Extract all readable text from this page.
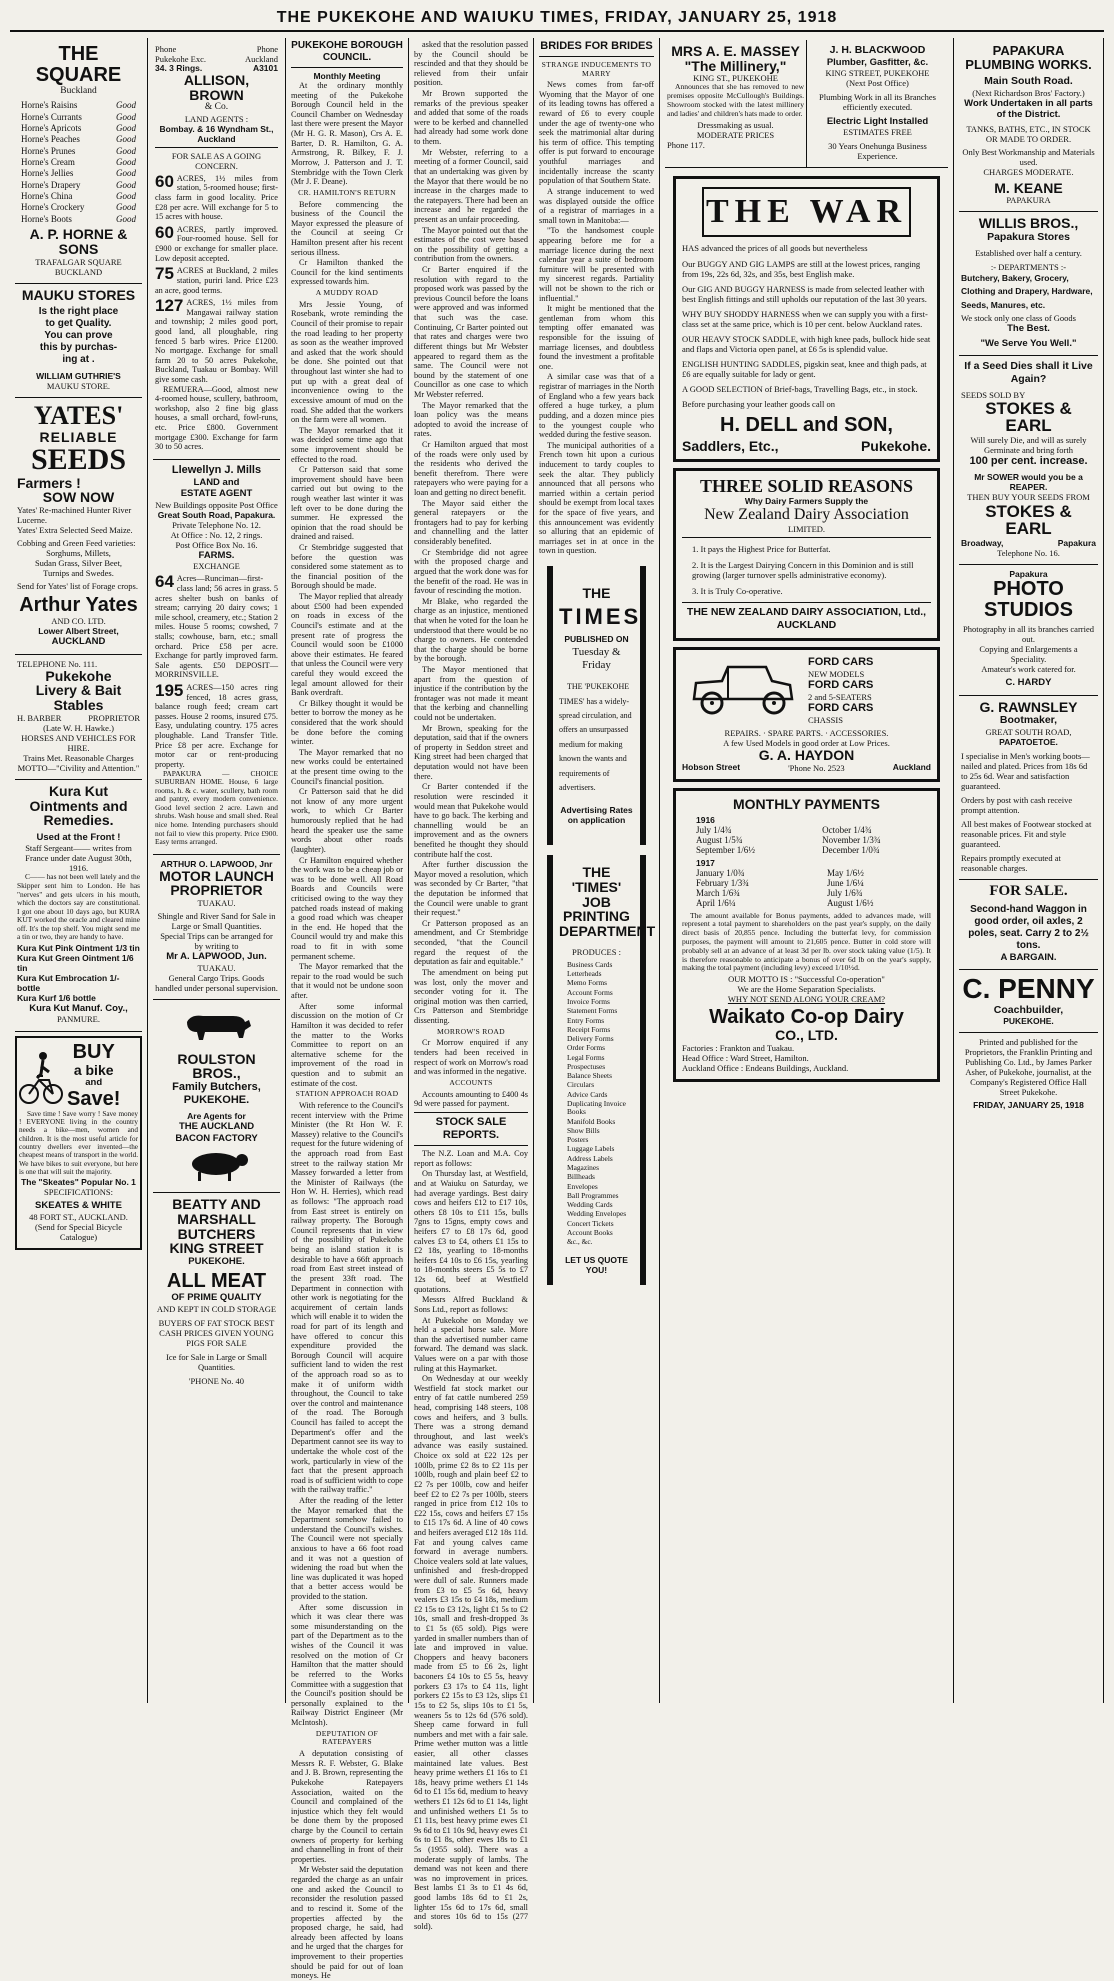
THE PUKEKOHE AND WAIUKU TIMES, FRIDAY, JANUARY 25, 1918
THE SQUARE
Buckland
Horne's Raisins	Good
Horne's Currants	Good
Horne's Apricots	Good
Horne's Peaches	Good
Horne's Prunes	Good
Horne's Cream	Good
Horne's Jellies	Good
Horne's Drapery	Good
Horne's China	Good
Horne's Crockery	Good
Horne's Boots	Good
A. P. HORNE & SONS
TRAFALGAR SQUARE
BUCKLAND
MAUKU STORES
Is the right place
to get Quality.
You can prove
this by purchas-
ing at .
WILLIAM GUTHRIE'S
MAUKU STORE.
YATES'
RELIABLE
SEEDS
Farmers !
SOW NOW
Yates' Re-machined Hunter River Lucerne.
Yates' Extra Selected Seed Maize.
Cobbing and Green Feed varieties:
Sorghums, Millets,
Sudan Grass, Silver Beet,
Turnips and Swedes.
Send for Yates' list of Forage crops.
Arthur Yates
AND CO. LTD.
Lower Albert Street,
AUCKLAND
TELEPHONE No. 111.
Pukekohe
Livery & Bait Stables
H. BARBER	PROPRIETOR
(Late W. H. Hawke.)
HORSES AND VEHICLES FOR HIRE.
Trains Met. Reasonable Charges
MOTTO—"Civility and Attention."
Kura Kut Ointments and Remedies.
Used at the Front !
Staff Sergeant—— writes from France under date August 30th, 1916.

C—— has not been well lately and the Skipper sent him to London. He has "nerves" and gets ulcers in his mouth, which the doctors say are constitutional. I got one about 10 days ago, but KURA KUT worked the oracle and cleared mine off. It's the top shelf. You might send me a tin or two, they are handy to have.

Kura Kut Pink Ointment 1/3 tin
Kura Kut Green Ointment 1/6 tin
Kura Kut Embrocation 1/- bottle
Kura Kurf 1/6 bottle
Kura Kut Manuf. Coy.,
PANMURE.
BUY
a bike
and
Save!

Save time ! Save worry ! Save money ! EVERYONE living in the country needs a bike—men, women and children. It is the most useful article for country dwellers ever invented—the cheapest means of transport in the world. We have bikes to suit everyone, but here is one that will suit the majority.

The "Skeates" Popular No. 1
SPECIFICATIONS:
SKEATES & WHITE
48 FORT ST., AUCKLAND.
(Send for Special Bicycle Catalogue)
Phone
Pukekohe Exc.
34. 3 Rings.
Phone
Auckland
A3101
ALLISON, BROWN
& Co.
LAND AGENTS :
Bombay. & 16 Wyndham St., Auckland
FOR SALE AS A GOING CONCERN.
60 ACRES, 1½ miles from station, 5-roomed house; first-class farm in good locality. Price £28 per acre. Will exchange for 5 to 15 acres with house.
60 ACRES, partly improved. Four-roomed house. Sell for £900 or exchange for smaller place. Low deposit accepted.
75 ACRES at Buckland, 2 miles station, puriri land. Price £23 an acre, good terms.
127 ACRES, 1½ miles from Mangawai railway station and township; 2 miles good port, good land, all ploughable, ring fenced 5 barb wires. Price £1200. No mortgage. Exchange for small farm 20 to 50 acres Pukekohe, Buckland, Tuakau or Bombay. Will give some cash.

REMUERA—Good, almost new 4-roomed house, scullery, bathroom, workshop, also 2 fine big glass houses, a small orchard, fowl-runs, etc. Price £800. Government mortgage £300. Exchange for farm 30 to 50 acres.

Llewellyn J. Mills
LAND and
ESTATE AGENT
New Buildings opposite Post Office
Great South Road, Papakura.
Private Telephone No. 12.
At Office : No. 12, 2 rings.
Post Office Box No. 16.
FARMS.
EXCHANGE
64 Acres—Runciman—first-class land; 56 acres in grass. 5 acres shelter bush on banks of stream; carrying 20 dairy cows; 1 mile school, creamery, etc.; Station 2 miles. House 5 rooms; cowshed, 7 stalls; cowhouse, barn, etc.; small orchard. Price £58 per acre. Exchange for partly improved farm. Sale agents. £50 DEPOSIT—MORRINSVILLE.
195 ACRES—150 acres ring fenced, 18 acres grass, balance rough feed; cream cart passes. House 2 rooms, insured £75. Easy, undulating country. 175 acres ploughable. Land Transfer Title. Price £8 per acre. Exchange for motor car or rent-producing property.

PAPAKURA — CHOICE SUBURBAN HOME. House, 6 large rooms, h. & c. water, scullery, bath room and pantry, every modern convenience. Good level section 2 acre. Lawn and shrubs. Wash house and small shed. Real nice home. Intending purchasers should not fail to view this property. Price £900. Easy terms arranged.

ARTHUR O. LAPWOOD, Jnr
MOTOR LAUNCH
PROPRIETOR
TUAKAU.
Shingle and River Sand for Sale in Large or Small Quantities.
Special Trips can be arranged for by writing to
Mr A. LAPWOOD, Jun.
TUAKAU.
General Cargo Trips. Goods handled under personal supervision.
ROULSTON BROS.,
Family Butchers,
PUKEKOHE.
Are Agents for
THE AUCKLAND
BACON FACTORY
BEATTY AND MARSHALL
BUTCHERS
KING STREET
PUKEKOHE.
ALL MEAT
OF PRIME QUALITY
AND KEPT IN COLD STORAGE
BUYERS OF FAT STOCK BEST CASH PRICES GIVEN YOUNG PIGS FOR SALE
Ice for Sale in Large or Small Quantities.
'PHONE No. 40
PUKEKOHE BOROUGH COUNCIL.
Monthly Meeting

At the ordinary monthly meeting of the Pukekohe Borough Council held in the Council Chamber on Wednesday last there were present the Mayor (Mr H. G. R. Mason), Crs A. E. Barter, D. R. Hamilton, G. A. Armstrong, R. Bilkey, F. J. Morrow, J. Patterson and J. T. Stembridge with the Town Clerk (Mr J. F. Deane).

CR. HAMILTON'S RETURN

Before commencing the business of the Council the Mayor expressed the pleasure of the Council at seeing Cr Hamilton present after his recent serious illness.

Cr Hamilton thanked the Council for the kind sentiments expressed towards him.

A MUDDY ROAD

Mrs Jessie Young, of Rosebank, wrote reminding the Council of their promise to repair the road leading to her property as soon as the weather improved and asked that the work should be done. She pointed out that throughout last winter she had to put up with a great deal of inconvenience owing to the excessive amount of mud on the road. She added that the workers on the farm were all women.

The Mayor remarked that it was decided some time ago that some improvement should be effected to the road.

Cr Patterson said that some improvement should have been carried out but owing to the rough weather last winter it was left over to be done during the summer. He expressed the opinion that the road should be drained and raised.

Cr Stembridge suggested that before the question was considered some statement as to the financial position of the Borough should be made.

The Mayor replied that already about £500 had been expended on roads in excess of the Council's estimate and at the present rate of progress the Council would soon be £1000 above their estimates. He feared that unless the Council were very careful they would exceed the legal amount allowed for their Bank overdraft.

Cr Bilkey thought it would be better to borrow the money as he considered that the work should be done before the coming winter.

The Mayor remarked that no new works could be entertained at the present time owing to the Council's financial position.

Cr Patterson said that he did not know of any more urgent work, to which Cr Barter humorously replied that he had heard the speaker use the same words about other roads (laughter).

Cr Hamilton enquired whether the work was to be a cheap job or was to be done well. All Road Boards and Councils were criticised owing to the way they patched roads instead of making a good road which was cheaper in the end. He hoped that the Council would try and make this road to fit in with some permanent scheme.

The Mayor remarked that the repair to the road would be such that it would not be undone soon after.

After some informal discussion on the motion of Cr Hamilton it was decided to refer the matter to the Works Committee to report on an alternative scheme for the improvement of the road in question and to submit an estimate of the cost.

STATION APPROACH ROAD

With reference to the Council's recent interview with the Prime Minister (the Rt Hon W. F. Massey) relative to the Council's request for the future widening of the approach road from East street to the railway station Mr Massey forwarded a letter from the Minister of Railways (the Hon W. H. Herries), which read as follows: "The approach road from East street is entirely on railway property. The Borough Council represents that in view of the possibility of Pukekohe being an island station it is desirable to have a 66ft approach road from East street instead of the present 33ft road. The Department in connection with other work is negotiating for the acquirement of certain lands which will enable it to widen the road for part of its length and have offered to concur this expenditure provided the Borough Council will acquire sufficient land to widen the rest of the approach road so as to make it of uniform width throughout, the Council to take over the control and maintenance of the road. The Borough Council has failed to accept the Department's offer and the Department cannot see its way to undertake the whole cost of the work, particularly in view of the fact that the present approach road is of sufficient width to cope with the railway traffic."

After the reading of the letter the Mayor remarked that the Department somehow failed to understand the Council's wishes. The Council were not specially anxious to have a 66 foot road and it was not a question of widening the road but when the line was duplicated it was hoped that a better access would be provided to the station.

After some discussion in which it was clear there was some misunderstanding on the part of the Department as to the wishes of the Council it was resolved on the motion of Cr Hamilton that the matter should be referred to the Works Committee with a suggestion that the Council's position should be personally explained to the Railway District Engineer (Mr McIntosh).

DEPUTATION OF RATEPAYERS

A deputation consisting of Messrs R. F. Webster, G. Blake and J. B. Brown, representing the Pukekohe Ratepayers Association, waited on the Council and complained of the injustice which they felt would be done them by the proposed charge by the Council to certain owners of property for kerbing and channelling in front of their properties.

Mr Webster said the deputation regarded the charge as an unfair one and asked the Council to reconsider the resolution passed and to rescind it. Some of the properties affected by the proposed charge, he said, had already been affected by loans and he urged that the charges for improvement to their properties should be paid for out of loan moneys. He

asked that the resolution passed by the Council should be rescinded and that they should be relieved from their unfair position.

Mr Brown supported the remarks of the previous speaker and added that some of the roads were to be kerbed and channelled had already had some work done to them.

Mr Webster, referring to a meeting of a former Council, said that an undertaking was given by the Mayor that there would be no increase in the charges made to the ratepayers. There had been an increase and he regarded the present as an unfair proceeding.

The Mayor pointed out that the estimates of the cost were based on the possibility of getting a contribution from the owners.

Cr Barter enquired if the resolution with regard to the proposed work was passed by the previous Council before the loans were approved and was informed that such was the case. Continuing, Cr Barter pointed out that rates and charges were two different things but Mr Webster appeared to regard them as the same. The Council were not bound by the statement of one Councillor as one case to which Mr Webster referred.

The Mayor remarked that the loan policy was the means adopted to avoid the increase of rates.

Cr Hamilton argued that most of the roads were only used by the residents who derived the benefit therefrom. There were ratepayers who were paying for a loan and getting no direct benefit.

The Mayor said either the general ratepayers or the frontagers had to pay for kerbing and channelling and the latter considerably benefited.

Cr Stembridge did not agree with the proposed charge and argued that the work done was for the benefit of the road. He was in favour of rescinding the motion.

Mr Blake, who regarded the charge as an injustice, mentioned that when he voted for the loan he understood that there would be no charge to owners. He contended that the charge should be borne by the borough.

The Mayor mentioned that apart from the question of injustice if the contribution by the frontager was not made it meant that the kerbing and channelling could not be undertaken.

Mr Brown, speaking for the deputation, said that if the owners of property in Seddon street and King street had been charged that deputation would not have been there.

Cr Barter contended if the resolution were rescinded it would mean that Pukekohe would have to go back. The kerbing and channelling would be an improvement and as the owners benefited he thought they should contribute half the cost.

After further discussion the Mayor moved a resolution, which was seconded by Cr Barter, "that the deputation be informed that the Council were unable to grant their request."

Cr Patterson proposed as an amendment, and Cr Stembridge seconded, "that the Council regard the request of the deputation as fair and equitable."

The amendment on being put was lost, only the mover and seconder voting for it. The original motion was then carried, Crs Patterson and Stembridge dissenting.

MORROW'S ROAD

Cr Morrow enquired if any tenders had been received in respect of work on Morrow's road and was informed in the negative.

ACCOUNTS

Accounts amounting to £400 4s 9d were passed for payment.

STOCK SALE REPORTS.

The N.Z. Loan and M.A. Coy report as follows:

On Thursday last, at Westfield, and at Waiuku on Saturday, we had average yardings. Best dairy cows and heifers £12 to £17 10s, others £8 10s to £11 15s, bulls 7gns to 15gns, empty cows and heifers £7 to £8 17s 6d, good calves £3 to £4, others £1 15s to £2 18s, yearling to 18-months heifers £4 10s to £6 15s, yearling to 18-months steers £5 5s to £7 12s 6d, beef at Westfield quotations.

Messrs Alfred Buckland & Sons Ltd., report as follows:

At Pukekohe on Monday we held a special horse sale. More than the advertised number came forward. The demand was slack. Values were on a par with those ruling at this Haymarket.

On Wednesday at our weekly Westfield fat stock market our entry of fat cattle numbered 259 head, comprising 148 steers, 108 cows and heifers, and 3 bulls. There was a strong demand throughout, and last week's advance was easily sustained. Choice ox sold at £22 12s per 100lb, prime £2 8s to £2 11s per 100lb, rough and plain beef £2 to £2 7s per 100lb, cow and heifer beef £2 to £2 7s per 100lb, steers ranged in price from £12 10s to £22 15s, cows and heifers £7 15s to £15 17s 6d. A line of 40 cows and heifers averaged £12 18s 11d. Fat and young calves came forward in average numbers. Choice vealers sold at late values, unfinished and fresh-dropped were dull of sale. Runners made from £3 to £5 5s 6d, heavy vealers £3 15s to £4 18s, medium £2 15s to £3 12s, light £1 5s to £2 10s, small and fresh-dropped 3s to £1 5s (65 sold). Pigs were yarded in smaller numbers than of late and improved in value. Choppers and heavy baconers made from £5 to £6 2s, light baconers £4 10s to £5 5s, heavy porkers £3 17s to £4 11s, light porkers £2 15s to £3 12s, slips £1 15s to £2 5s, slips 10s to £1 5s, weaners 5s to 12s 6d (576 sold). Sheep came forward in full numbers and met with a fair sale. Prime wether mutton was a little easier, all other classes maintained late values. Best heavy prime wethers £1 16s to £1 18s, heavy prime wethers £1 14s 6d to £1 15s 6d, medium to heavy wethers £1 12s 6d to £1 14s, light and unfinished wethers £1 5s to £1 11s, best heavy prime ewes £1 9s 6d to £1 10s 9d, heavy ewes £1 6s to £1 8s, other ewes 18s to £1 5s (1955 sold). There was a moderate supply of lambs. The demand was not keen and there was no improvement in prices. Best lambs £1 3s to £1 4s 6d, good lambs 18s 6d to £1 2s, lighter 15s 6d to 17s 6d, small and stores 10s 6d to 15s (277 sold).

BRIDES FOR BRIDES
STRANGE INDUCEMENTS TO MARRY

News comes from far-off Wyoming that the Mayor of one of its leading towns has offered a reward of £6 to every couple under the age of twenty-one who seek the matrimonial altar during his term of office. This tempting offer is put forward to encourage youthful marriages and incidentally increase the scanty population of that Southern State.

A strange inducement to wed was displayed outside the office of a registrar of marriages in a small town in Manitoba:—

"To the handsomest couple appearing before me for a marriage licence during the next calendar year a suite of bedroom furniture will be presented with my sincerest regards. Partiality will not be shown to the rich or influential."

It might be mentioned that the gentleman from whom this tempting offer emanated was responsible for the issuing of marriage licenses, and doubtless found the investment a profitable one.

A similar case was that of a registrar of marriages in the North of England who a few years back offered a huge turkey, a plum pudding, and a dozen mince pies to the youngest couple who wedded during the festive season.

The municipal authorities of a French town hit upon a curious inducement to tardy couples to seek the altar. They publicly announced that all persons who married within a certain period should be exempt from local taxes for the space of five years, and this announcement was evidently so alluring that an epidemic of marriages set in at once in the town in question.

THE
TIMES
PUBLISHED ON
Tuesday & Friday

THE 'PUKEKOHE TIMES' has a widely-spread circulation, and offers an unsurpassed medium for making known the wants and requirements of advertisers.

Advertising Rates on application
THE 'TIMES'
JOB PRINTING
DEPARTMENT
PRODUCES :
Business Cards
Letterheads
Memo Forms
Account Forms
Invoice Forms
Statement Forms
Entry Forms
Receipt Forms
Delivery Forms
Order Forms
Legal Forms
Prospectuses
Balance Sheets
Circulars
Advice Cards
Duplicating Invoice Books
Manifold Books
Show Bills
Posters
Luggage Labels
Address Labels
Magazines
Billheads
Envelopes
Ball Programmes
Wedding Cards
Wedding Envelopes
Concert Tickets
Account Books
&c., &c.
LET US QUOTE YOU!
MRS A. E. MASSEY
"The Millinery,"
KING ST., PUKEKOHE

Announces that she has removed to new premises opposite McCullough's Buildings. Showroom stocked with the latest millinery and ladies' and children's hats made to order.

Dressmaking as usual.
MODERATE PRICES
Phone 117.
J. H. BLACKWOOD
Plumber, Gasfitter, &c.
KING STREET, PUKEKOHE
(Next Post Office)
Plumbing Work in all its Branches efficiently executed.
Electric Light Installed
ESTIMATES FREE
30 Years Onehunga Business Experience.
THE WAR
HAS advanced the prices of all goods but nevertheless
Our BUGGY AND GIG LAMPS are still at the lowest prices, ranging from 19s, 22s 6d, 32s, and 35s, best English make.
Our GIG AND BUGGY HARNESS is made from selected leather with best English fittings and still upholds our reputation of the last 30 years.
WHY BUY SHODDY HARNESS when we can supply you with a first-class set at the same price, which is 10 per cent. below Auckland rates.
OUR HEAVY STOCK SADDLE, with high knee pads, bullock hide seat and flaps and Victoria open panel, at £6 5s is splendid value.
ENGLISH HUNTING SADDLES, pigskin seat, knee and thigh pads, at £6 are equally suitable for lady or gent.
A GOOD SELECTION of Brief-bags, Travelling Bags, etc., in stock.
Before purchasing your leather goods call on
H. DELL and SON,
Saddlers, Etc.,	Pukekohe.
THREE SOLID REASONS
Why Dairy Farmers Supply the
New Zealand Dairy Association
LIMITED.
1. It pays the Highest Price for Butterfat.
2. It is the Largest Dairying Concern in this Dominion and is still growing (larger turnover spells administrative economy).
3. It is Truly Co-operative.
THE NEW ZEALAND DAIRY ASSOCIATION, Ltd., AUCKLAND
FORD CARS
NEW MODELS
FORD CARS
2 and 5-SEATERS
FORD CARS
CHASSIS
REPAIRS. · SPARE PARTS. · ACCESSORIES.
A few Used Models in good order at Low Prices.
G. A. HAYDON
Hobson Street	'Phone No. 2523	Auckland
MONTHLY PAYMENTS
1916
July 1/4¾	October 1/4¾
August 1/5¾	November 1/3¾
September 1/6½	December 1/0¾
1917
January 1/0¾	May 1/6½
February 1/3¾	June 1/6¼
March 1/6¾	July 1/6¾
April 1/6¼	August 1/6½

The amount available for Bonus payments, added to advances made, will represent a total payment to shareholders on the past year's supply, on the daily direct basis of 20,855 pence. Including the butterfat levy, for commission purposes, the payment will amount to 21,605 pence. Butter in cold store will probably sell at an advance of at least 3d per lb. over stock taking value (1/5). It is therefore reasonable to anticipate a bonus of over 6d lb on the year's supply, making the total payment (including levy) exceed 1/10½d.

OUR MOTTO IS : "Successful Co-operation"
We are the Home Separation Specialists.
WHY NOT SEND ALONG YOUR CREAM?
Waikato Co-op Dairy
CO., LTD.
Factories : Frankton and Tuakau.
Head Office : Ward Street, Hamilton.
Auckland Office : Endeans Buildings, Auckland.
PAPAKURA PLUMBING WORKS.
Main South Road.
(Next Richardson Bros' Factory.)
Work Undertaken in all parts of the District.
TANKS, BATHS, ETC., IN STOCK OR MADE TO ORDER.
Only Best Workmanship and Materials used.
CHARGES MODERATE.
M. KEANE
PAPAKURA
WILLIS BROS.,
Papakura Stores
Established over half a century.
:- DEPARTMENTS :-
Butchery, Bakery, Grocery, Clothing and Drapery, Hardware, Seeds, Manures, etc.
We stock only one class of Goods
The Best.
"We Serve You Well."
If a Seed Dies shall it Live Again?
SEEDS SOLD BY
STOKES & EARL
Will surely Die, and will as surely Germinate and bring forth
100 per cent. increase.
Mr SOWER would you be a REAPER.
THEN BUY YOUR SEEDS FROM
STOKES & EARL
Broadway,	Papakura
Telephone No. 16.
Papakura
PHOTO
STUDIOS
Photography in all its branches carried out.
Copying and Enlargements a Speciality.
Amateur's work catered for.
C. HARDY
G. RAWNSLEY
Bootmaker,
GREAT SOUTH ROAD,
PAPATOETOE.
I specialise in Men's working boots—nailed and plated. Prices from 18s 6d to 25s 6d. Wear and satisfaction guaranteed.
Orders by post with cash receive prompt attention.
All best makes of Footwear stocked at reasonable prices. Fit and style guaranteed.
Repairs promptly executed at reasonable charges.
FOR SALE.
Second-hand Waggon in good order, oil axles, 2 poles, seat. Carry 2 to 2½ tons.
A BARGAIN.
C. PENNY
Coachbuilder,
PUKEKOHE.
Printed and published for the Proprietors, the Franklin Printing and Publishing Co. Ltd., by James Parker Asher, of Pukekohe, journalist, at the Company's Registered Office Hall Street Pukekohe.
FRIDAY, JANUARY 25, 1918
